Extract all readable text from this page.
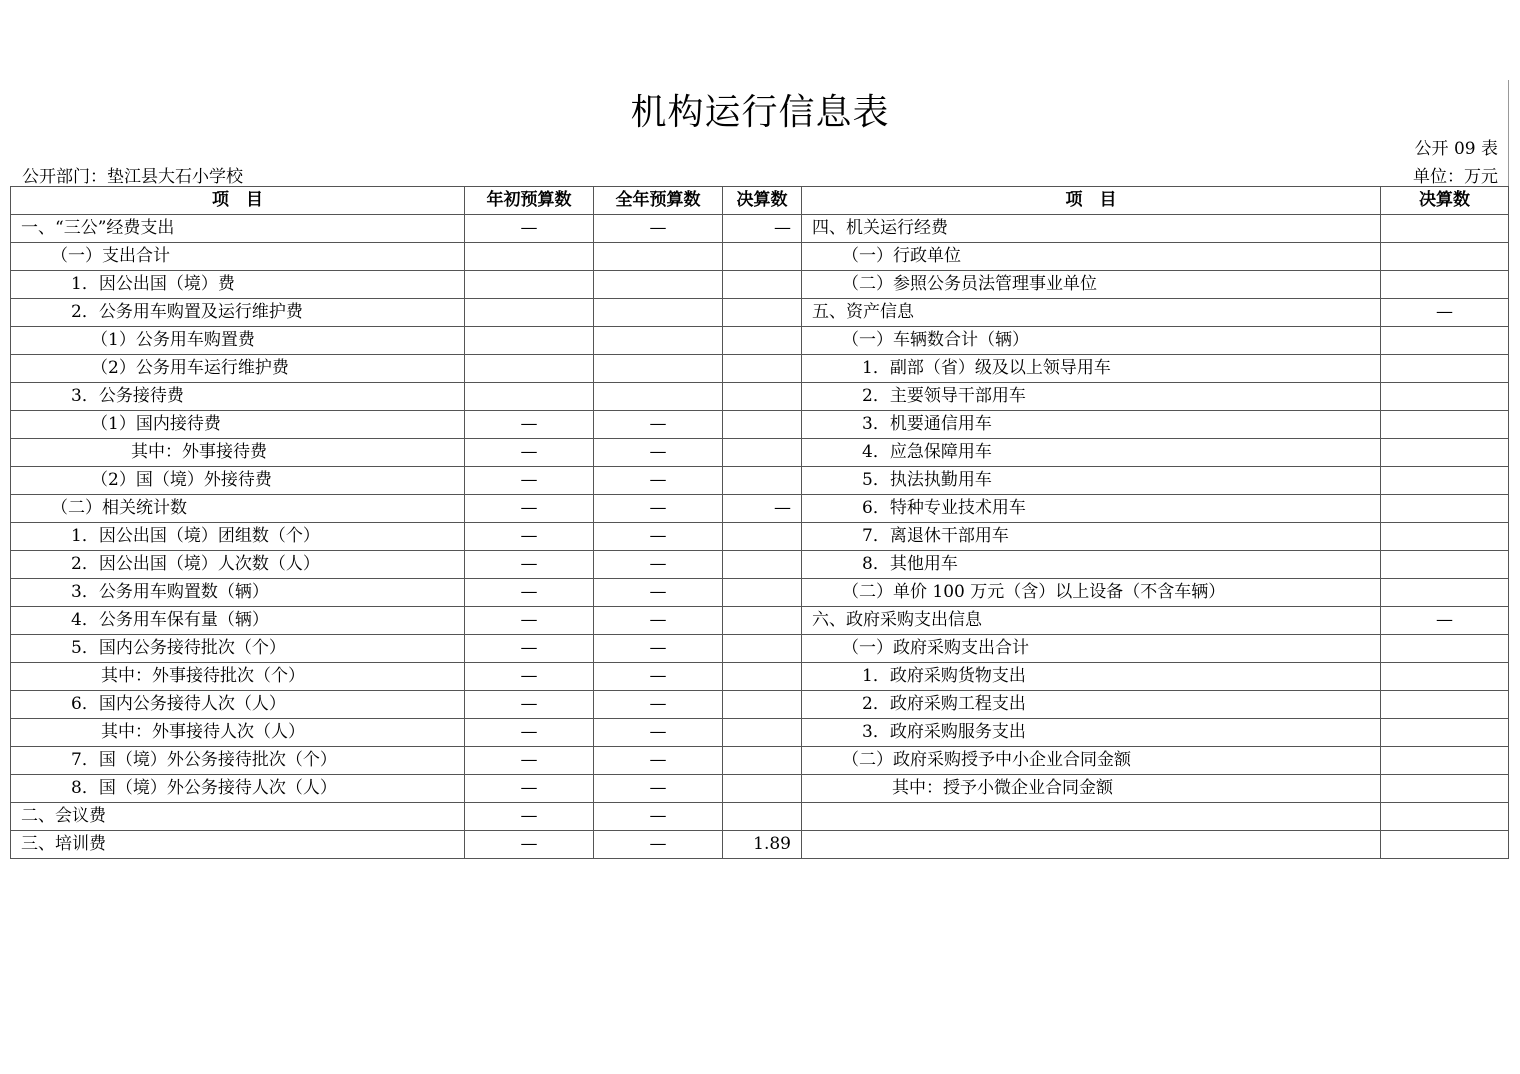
机构运行信息表
公开 09 表
公开部门：垫江县大石小学校	单位：万元
项　目	年初预算数	全年预算数	决算数	项　目	决算数
一、“三公”经费支出	—	—	—	四、机关运行经费	
（一）支出合计				（一）行政单位	
1．因公出国（境）费				（二）参照公务员法管理事业单位	
2．公务用车购置及运行维护费				五、资产信息	—
（1）公务用车购置费				（一）车辆数合计（辆）	
（2）公务用车运行维护费				1．副部（省）级及以上领导用车	
3．公务接待费				2．主要领导干部用车	
（1）国内接待费	—	—		3．机要通信用车	
其中：外事接待费	—	—		4．应急保障用车	
（2）国（境）外接待费	—	—		5．执法执勤用车	
（二）相关统计数	—	—	—	6．特种专业技术用车	
1．因公出国（境）团组数（个）	—	—		7．离退休干部用车	
2．因公出国（境）人次数（人）	—	—		8．其他用车	
3．公务用车购置数（辆）	—	—		（二）单价 100 万元（含）以上设备（不含车辆）	
4．公务用车保有量（辆）	—	—		六、政府采购支出信息	—
5．国内公务接待批次（个）	—	—		（一）政府采购支出合计	
其中：外事接待批次（个）	—	—		1．政府采购货物支出	
6．国内公务接待人次（人）	—	—		2．政府采购工程支出	
其中：外事接待人次（人）	—	—		3．政府采购服务支出	
7．国（境）外公务接待批次（个）	—	—		（二）政府采购授予中小企业合同金额	
8．国（境）外公务接待人次（人）	—	—		其中：授予小微企业合同金额	
二、会议费	—	—			
三、培训费	—	—	1.89		
